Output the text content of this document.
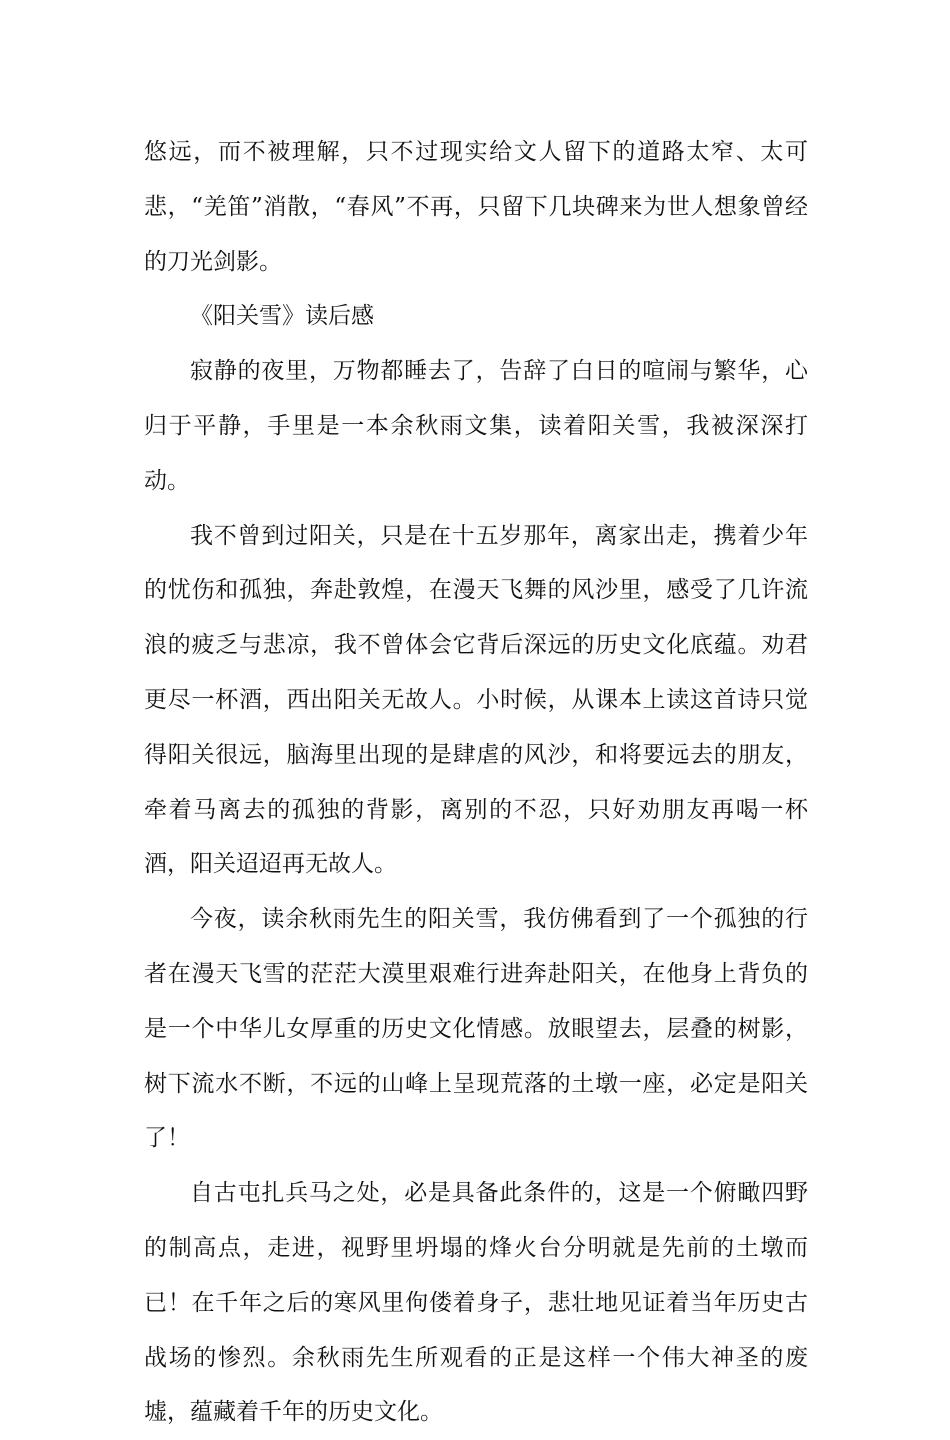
悠远，而不被理解，只不过现实给文人留下的道路太窄、太可悲，“羌笛”消散，“春风”不再，只留下几块碑来为世人想象曾经的刀光剑影。

《阳关雪》读后感

寂静的夜里，万物都睡去了，告辞了白日的喧闹与繁华，心归于平静，手里是一本余秋雨文集，读着阳关雪，我被深深打动。

我不曾到过阳关，只是在十五岁那年，离家出走，携着少年的忧伤和孤独，奔赴敦煌，在漫天飞舞的风沙里，感受了几许流浪的疲乏与悲凉，我不曾体会它背后深远的历史文化底蕴。劝君更尽一杯酒，西出阳关无故人。小时候，从课本上读这首诗只觉得阳关很远，脑海里出现的是肆虐的风沙，和将要远去的朋友，牵着马离去的孤独的背影，离别的不忍，只好劝朋友再喝一杯酒，阳关迢迢再无故人。

今夜，读余秋雨先生的阳关雪，我仿佛看到了一个孤独的行者在漫天飞雪的茫茫大漠里艰难行进奔赴阳关，在他身上背负的是一个中华儿女厚重的历史文化情感。放眼望去，层叠的树影，树下流水不断，不远的山峰上呈现荒落的土墩一座，必定是阳关了！

自古屯扎兵马之处，必是具备此条件的，这是一个俯瞰四野的制高点，走进，视野里坍塌的烽火台分明就是先前的土墩而已！在千年之后的寒风里佝偻着身子，悲壮地见证着当年历史古战场的惨烈。余秋雨先生所观看的正是这样一个伟大神圣的废墟，蕴藏着千年的历史文化。
